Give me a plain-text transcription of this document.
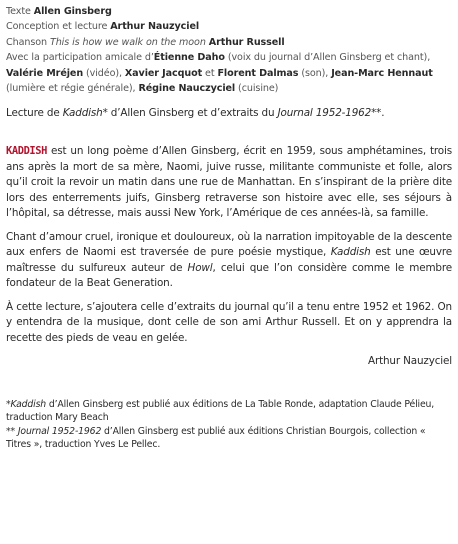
Texte Allen Ginsberg
Conception et lecture Arthur Nauzyciel
Chanson This is how we walk on the moon Arthur Russell
Avec la participation amicale d’Étienne Daho (voix du journal d’Allen Ginsberg et chant), Valérie Mréjen (vidéo), Xavier Jacquot et Florent Dalmas (son), Jean-Marc Hennaut (lumière et régie générale), Régine Nauczyciel (cuisine)
Lecture de Kaddish* d’Allen Ginsberg et d’extraits du Journal 1952-1962**.

KADDISH est un long poème d’Allen Ginsberg, écrit en 1959, sous amphétamines, trois ans après la mort de sa mère, Naomi, juive russe, militante communiste et folle, alors qu’il croit la revoir un matin dans une rue de Manhattan. En s’inspirant de la prière dite lors des enterrements juifs, Ginsberg retraverse son histoire avec elle, ses séjours à l’hôpital, sa détresse, mais aussi New York, l’Amérique de ces années-là, sa famille.

Chant d’amour cruel, ironique et douloureux, où la narration impitoyable de la descente aux enfers de Naomi est traversée de pure poésie mystique, Kaddish est une œuvre maîtresse du sulfureux auteur de Howl, celui que l’on considère comme le membre fondateur de la Beat Generation.

À cette lecture, s’ajoutera celle d’extraits du journal qu’il a tenu entre 1952 et 1962. On y entendra de la musique, dont celle de son ami Arthur Russell. Et on y apprendra la recette des pieds de veau en gelée.

Arthur Nauzyciel
*Kaddish d’Allen Ginsberg est publié aux éditions de La Table Ronde, adaptation Claude Pélieu, traduction Mary Beach
** Journal 1952-1962 d’Allen Ginsberg est publié aux éditions Christian Bourgois, collection « Titres », traduction Yves Le Pellec.
